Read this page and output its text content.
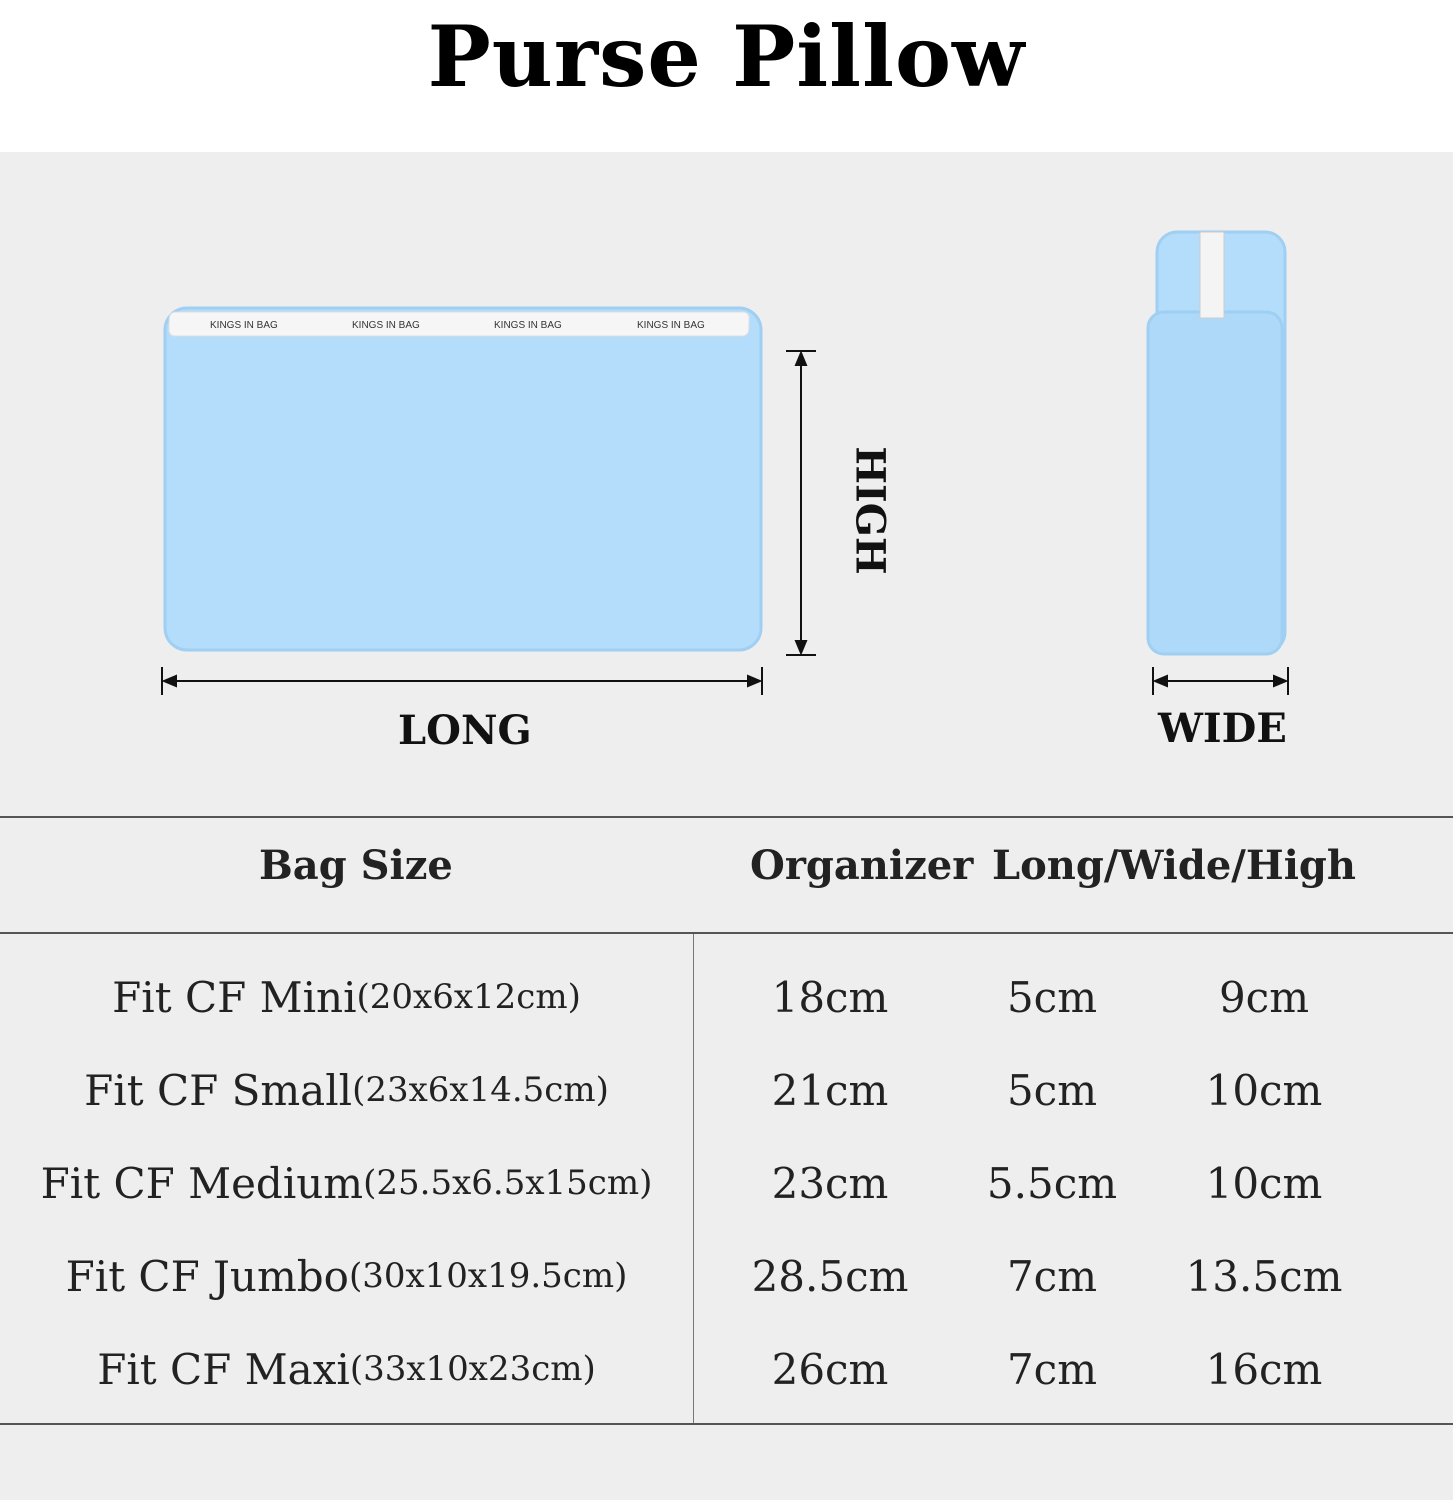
Purse Pillow
KINGS IN BAG	KINGS IN BAG	KINGS IN BAG	KINGS IN BAG
LONG
HIGH
WIDE
Bag Size	Organizer Long/Wide/High
Fit CF Mini (20x6x12cm)	18cm	5cm	9cm
Fit CF Small (23x6x14.5cm)	21cm	5cm	10cm
Fit CF Medium (25.5x6.5x15cm)	23cm	5.5cm	10cm
Fit CF Jumbo (30x10x19.5cm)	28.5cm	7cm	13.5cm
Fit CF Maxi (33x10x23cm)	26cm	7cm	16cm
